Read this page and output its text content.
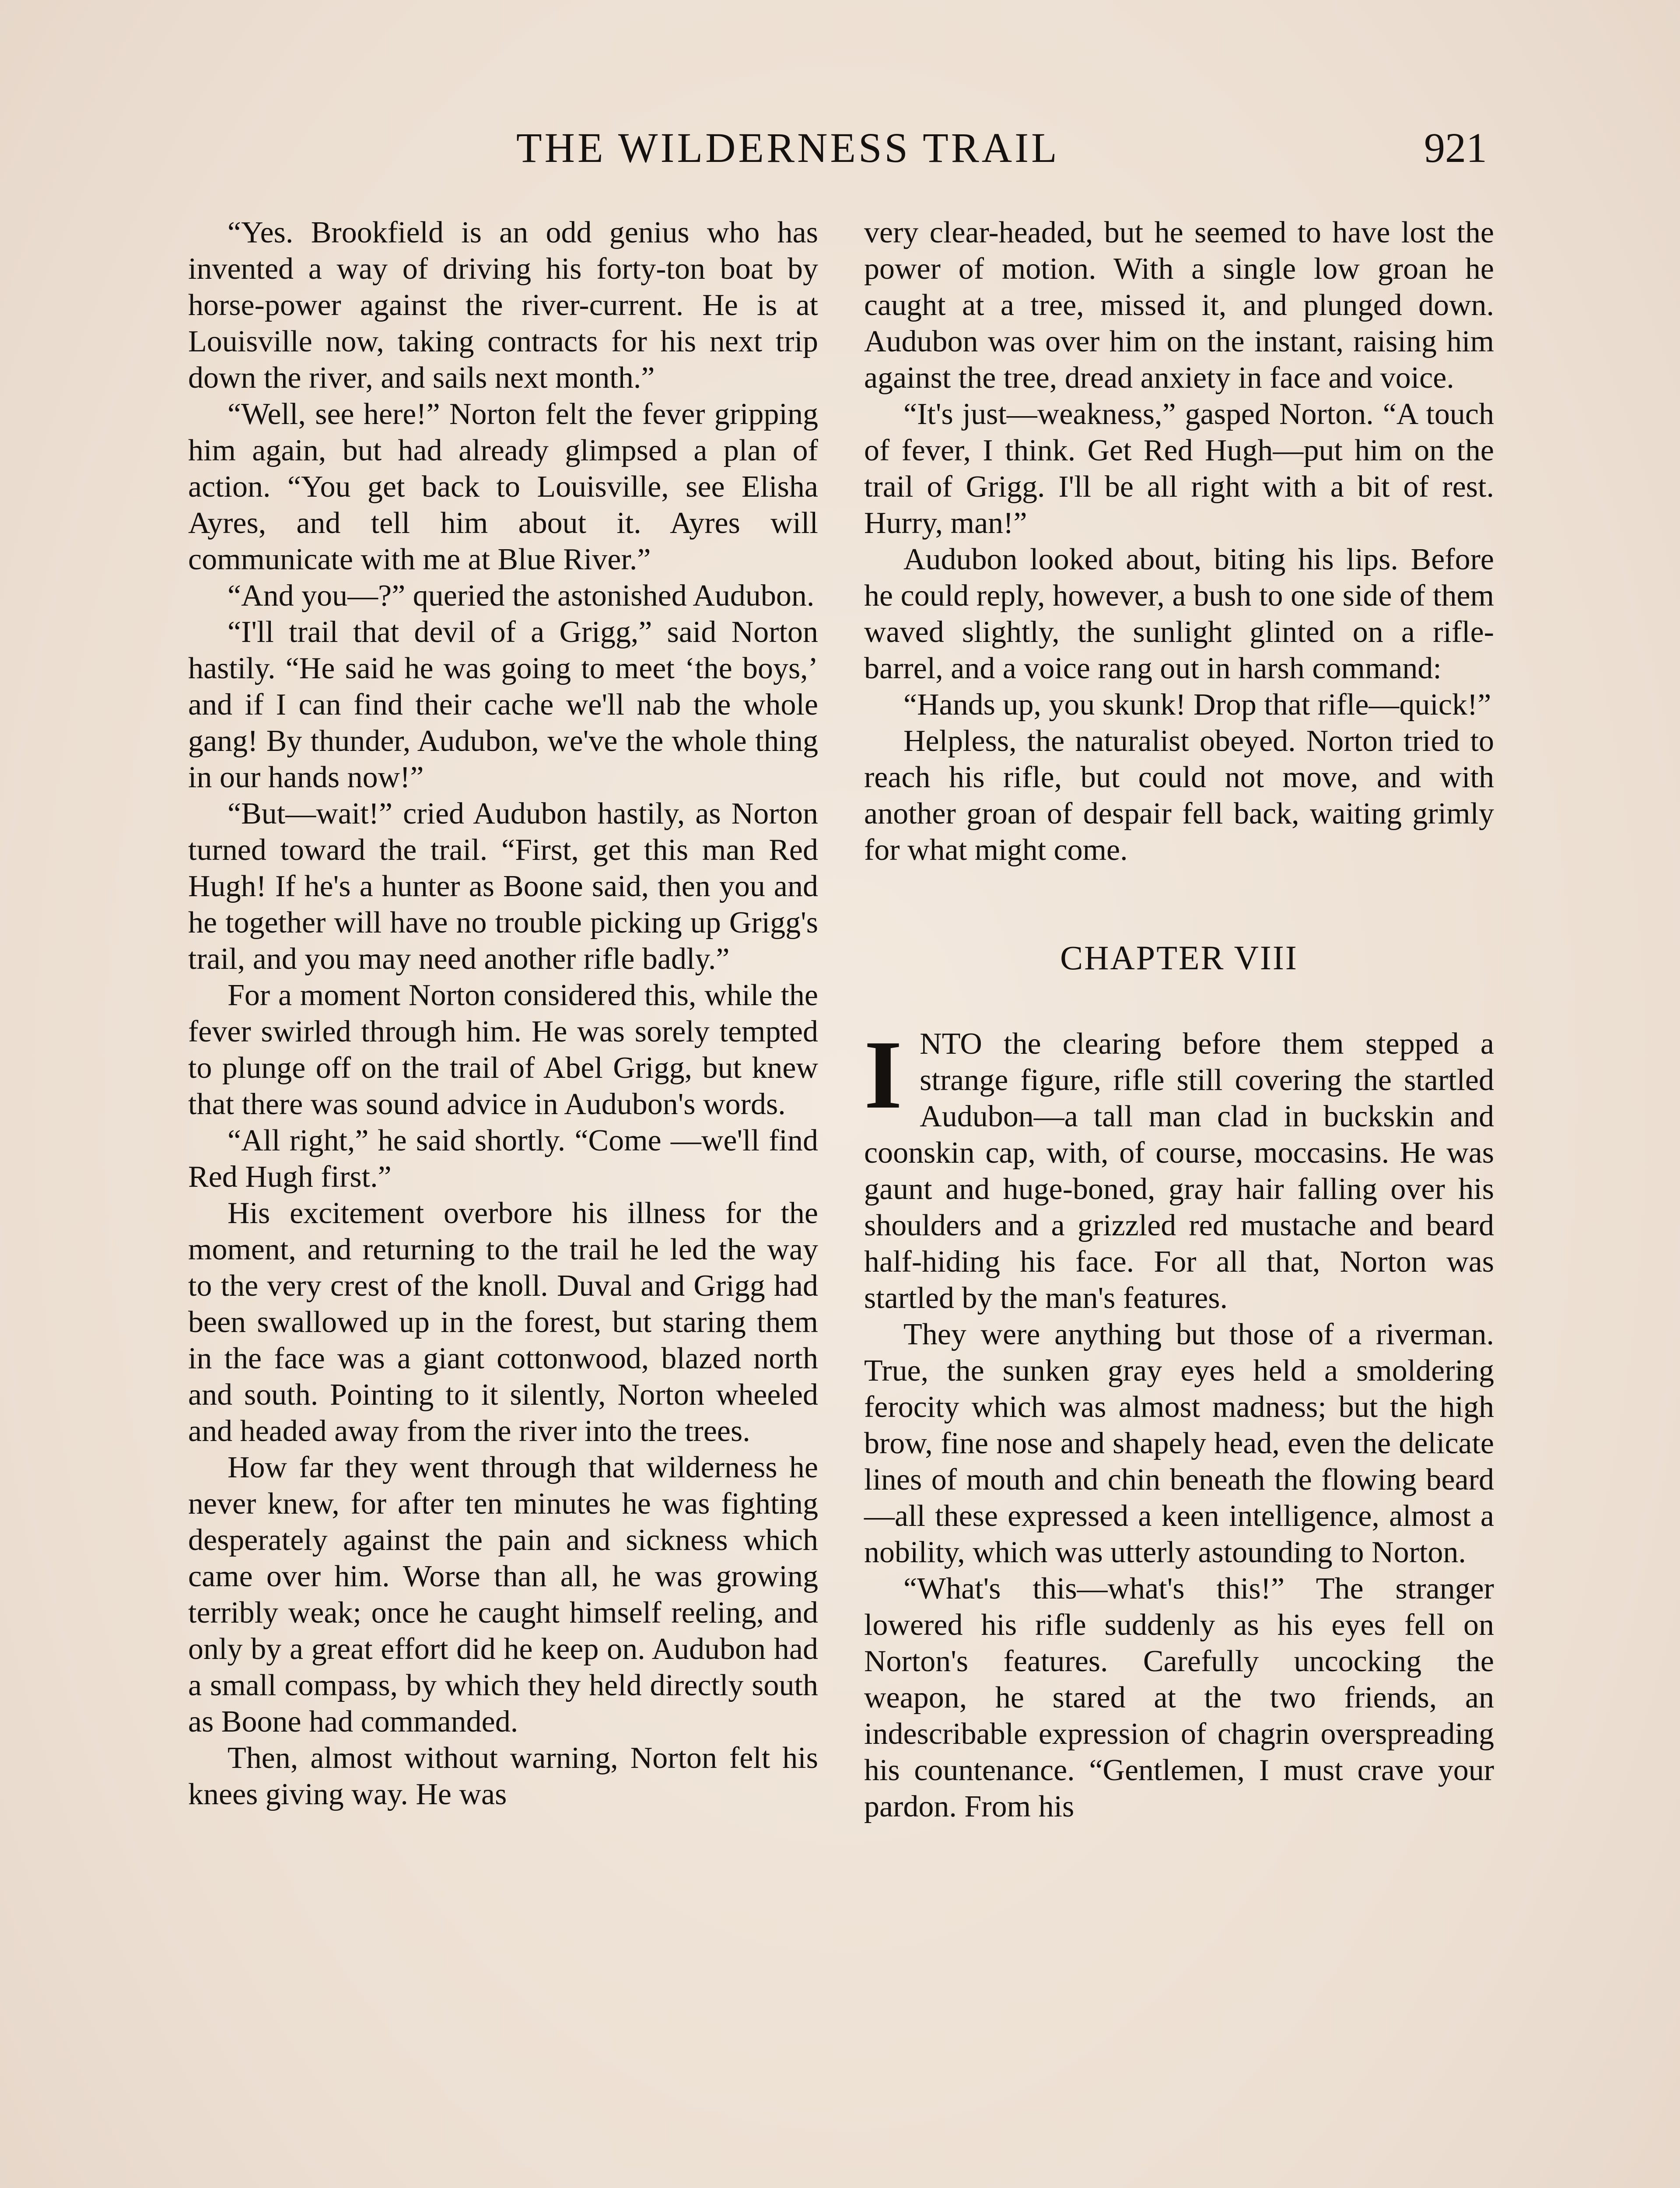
THE WILDERNESS TRAIL	921

“Yes. Brookfield is an odd genius who has invented a way of driving his forty-ton boat by horse-power against the river-current. He is at Louisville now, taking contracts for his next trip down the river, and sails next month.”

“Well, see here!” Norton felt the fever gripping him again, but had already glimpsed a plan of action. “You get back to Louisville, see Elisha Ayres, and tell him about it. Ayres will communicate with me at Blue River.”

“And you—?” queried the astonished Audubon.

“I'll trail that devil of a Grigg,” said Norton hastily. “He said he was going to meet ‘the boys,’ and if I can find their cache we'll nab the whole gang! By thunder, Audubon, we've the whole thing in our hands now!”

“But—wait!” cried Audubon hastily, as Norton turned toward the trail. “First, get this man Red Hugh! If he's a hunter as Boone said, then you and he together will have no trouble picking up Grigg's trail, and you may need another rifle badly.”

For a moment Norton considered this, while the fever swirled through him. He was sorely tempted to plunge off on the trail of Abel Grigg, but knew that there was sound advice in Audubon's words.

“All right,” he said shortly. “Come —we'll find Red Hugh first.”

His excitement overbore his illness for the moment, and returning to the trail he led the way to the very crest of the knoll. Duval and Grigg had been swallowed up in the forest, but staring them in the face was a giant cottonwood, blazed north and south. Pointing to it silently, Norton wheeled and headed away from the river into the trees.

How far they went through that wilderness he never knew, for after ten minutes he was fighting desperately against the pain and sickness which came over him. Worse than all, he was growing terribly weak; once he caught himself reeling, and only by a great effort did he keep on. Audubon had a small compass, by which they held directly south as Boone had commanded.

Then, almost without warning, Norton felt his knees giving way. He was

very clear-headed, but he seemed to have lost the power of motion. With a single low groan he caught at a tree, missed it, and plunged down. Audubon was over him on the instant, raising him against the tree, dread anxiety in face and voice.

“It's just—weakness,” gasped Norton. “A touch of fever, I think. Get Red Hugh—put him on the trail of Grigg. I'll be all right with a bit of rest. Hurry, man!”

Audubon looked about, biting his lips. Before he could reply, however, a bush to one side of them waved slightly, the sunlight glinted on a rifle-barrel, and a voice rang out in harsh command:

“Hands up, you skunk! Drop that rifle—quick!”

Helpless, the naturalist obeyed. Norton tried to reach his rifle, but could not move, and with another groan of despair fell back, waiting grimly for what might come.

CHAPTER VIII

INTO the clearing before them stepped a strange figure, rifle still covering the startled Audubon—a tall man clad in buckskin and coonskin cap, with, of course, moccasins. He was gaunt and huge-boned, gray hair falling over his shoulders and a grizzled red mustache and beard half-hiding his face. For all that, Norton was startled by the man's features.

They were anything but those of a riverman. True, the sunken gray eyes held a smoldering ferocity which was almost madness; but the high brow, fine nose and shapely head, even the delicate lines of mouth and chin beneath the flowing beard—all these expressed a keen intelligence, almost a nobility, which was utterly astounding to Norton.

“What's this—what's this!” The stranger lowered his rifle suddenly as his eyes fell on Norton's features. Carefully uncocking the weapon, he stared at the two friends, an indescribable expression of chagrin overspreading his countenance. “Gentlemen, I must crave your pardon. From his
